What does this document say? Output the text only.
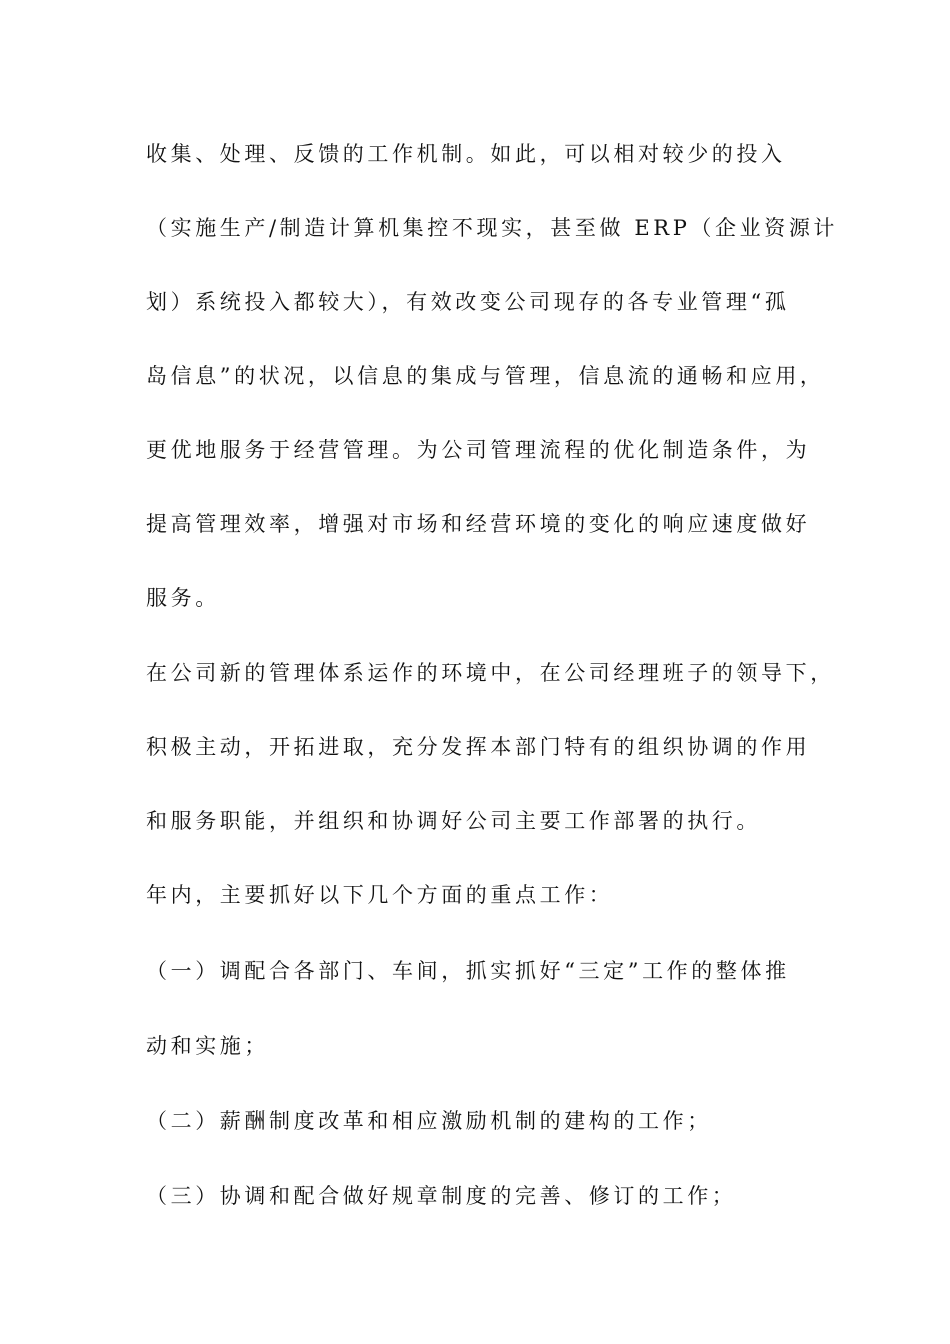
收集、处理、反馈的工作机制。如此，可以相对较少的投入
（实施生产/制造计算机集控不现实，甚至做 ERP（企业资源计
划）系统投入都较大），有效改变公司现存的各专业管理“孤
岛信息”的状况，以信息的集成与管理，信息流的通畅和应用，
更优地服务于经营管理。为公司管理流程的优化制造条件，为
提高管理效率，增强对市场和经营环境的变化的响应速度做好
服务。
在公司新的管理体系运作的环境中，在公司经理班子的领导下，
积极主动，开拓进取，充分发挥本部门特有的组织协调的作用
和服务职能，并组织和协调好公司主要工作部署的执行。
年内，主要抓好以下几个方面的重点工作：
（一）调配合各部门、车间，抓实抓好“三定”工作的整体推
动和实施；
（二）薪酬制度改革和相应激励机制的建构的工作；
（三）协调和配合做好规章制度的完善、修订的工作；
